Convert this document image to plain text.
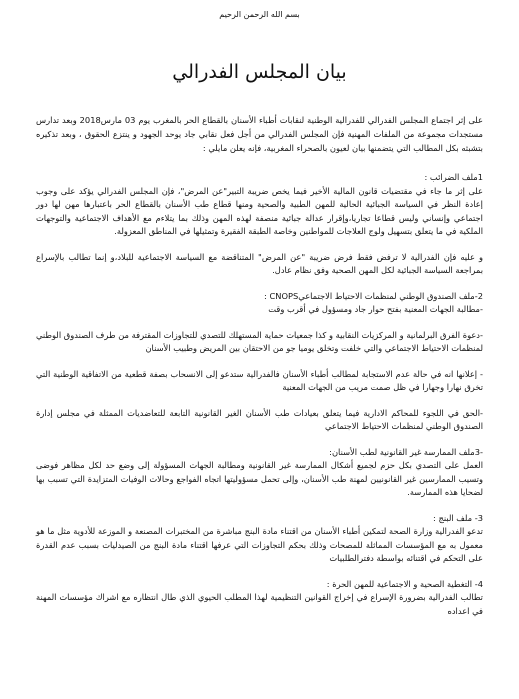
بسم الله الرحمن الرحيم
بيان المجلس الفدرالي

على إثر اجتماع المجلس الفدرالي للفدرالية الوطنية لنقابات أطباء الأسنان بالقطاع الحر بالمغرب يوم 03 مارس2018 وبعد تدارس مستجدات مجموعة من الملفات المهنية فإن المجلس الفدرالي من أجل فعل نقابي جاد يوحد الجهود و ينتزع الحقوق ، وبعد تذكيره بتشبثه بكل المطالب التي يتضمنها بيان لعيون بالصحراء المغربية، فإنه يعلن مايلي :

1ملف الضرائب :

على إثر ما جاء في مقتضيات قانون المالية الأخير فيما يخص ضريبة التبير"عن المرض"، فإن المجلس الفدرالي يؤكد على وجوب إعادة النظر في السياسة الجبائية الحالية للمهن الطبية والصحية ومنها قطاع طب الأسنان بالقطاع الحر باعتبارها مهن لها دور اجتماعي وإنساني وليس قطاعا تجاريا،وإقرار عدالة جبائية منصفة لهذه المهن وذلك بما يتلاءم مع الأهداف الاجتماعية والتوجهات الملكية في ما يتعلق بتسهيل ولوج العلاجات للمواطنين وخاصة الطبقة الفقيرة وتمثيلها في المناطق المعزولة.

و عليه فإن الفدرالية لا ترفض فقط فرض ضريبة "عن المرض" المتناقضة مع السياسة الاجتماعية للبلاد،و إنما تطالب بالإسراع بمراجعة السياسة الجبائية لكل المهن الصحية وفق نظام عادل.

2-ملف الصندوق الوطني لمنظمات الاحتياط الاجتماعيCNOPS :

-مطالبة الجهات المعنية بفتح حوار جاد ومسؤول في أقرب وقت

-دعوة الفرق البرلمانية و المركزيات النقابية و كذا جمعيات حماية المستهلك للتصدي للتجاوزات المقترفة من طرف الصندوق الوطني لمنظمات الاحتياط الاجتماعي والتي خلفت وتخلق يوميا جو من الاحتقان بين المريض وطبيب الأسنان

- إعلانها انه في حالة عدم الاستجابة لمطالب أطباء الأسنان فالفدرالية ستدعو إلى الانسحاب بصفة قطعية من الاتفاقية الوطنية التي تخرق نهارا وجهارا في ظل صمت مريب من الجهات المعنية

-الحق في اللجوء للمحاكم الادارية فيما يتعلق بعيادات طب الأسنان الغير القانونية التابعة للتعاضديات الممثلة في مجلس إدارة الصندوق الوطني لمنظمات الاحتياط الاجتماعي

-3ملف الممارسة غير القانونية لطب الأسنان:

العمل على التصدي بكل حزم لجميع أشكال الممارسة غير القانونية ومطالبة الجهات المسؤولة إلى وضع حد لكل مظاهر فوضى وتسيب الممارسين غير القانونيين لمهنة طب الأسنان، وإلى تحمل مسؤوليتها اتجاه الفواجع وحالات الوفيات المتزايدة التي تسبب بها لضحايا هذه الممارسة.

3- ملف البنج :

تدعو الفدرالية وزارة الصحة لتمكين أطباء الأسنان من اقتناء مادة البنج مباشرة من المختبرات المصنعة و الموزعة للأدوية مثل ما هو معمول به مع المؤسسات المماثلة للمصحات وذلك بحكم التجاوزات التي عرفها اقتناء مادة البنج من الصيدليات بسبب عدم القدرة على التحكم في اقتنائه بواسطة دفترالطلبيات

4- التغطية الصحية و الاجتماعية للمهن الحرة :

تطالب الفدرالية بضرورة الإسراع في إخراج القوانين التنظيمية لهذا المطلب الحيوي الذي طال انتظاره مع اشراك مؤسسات المهنة في اعداده
